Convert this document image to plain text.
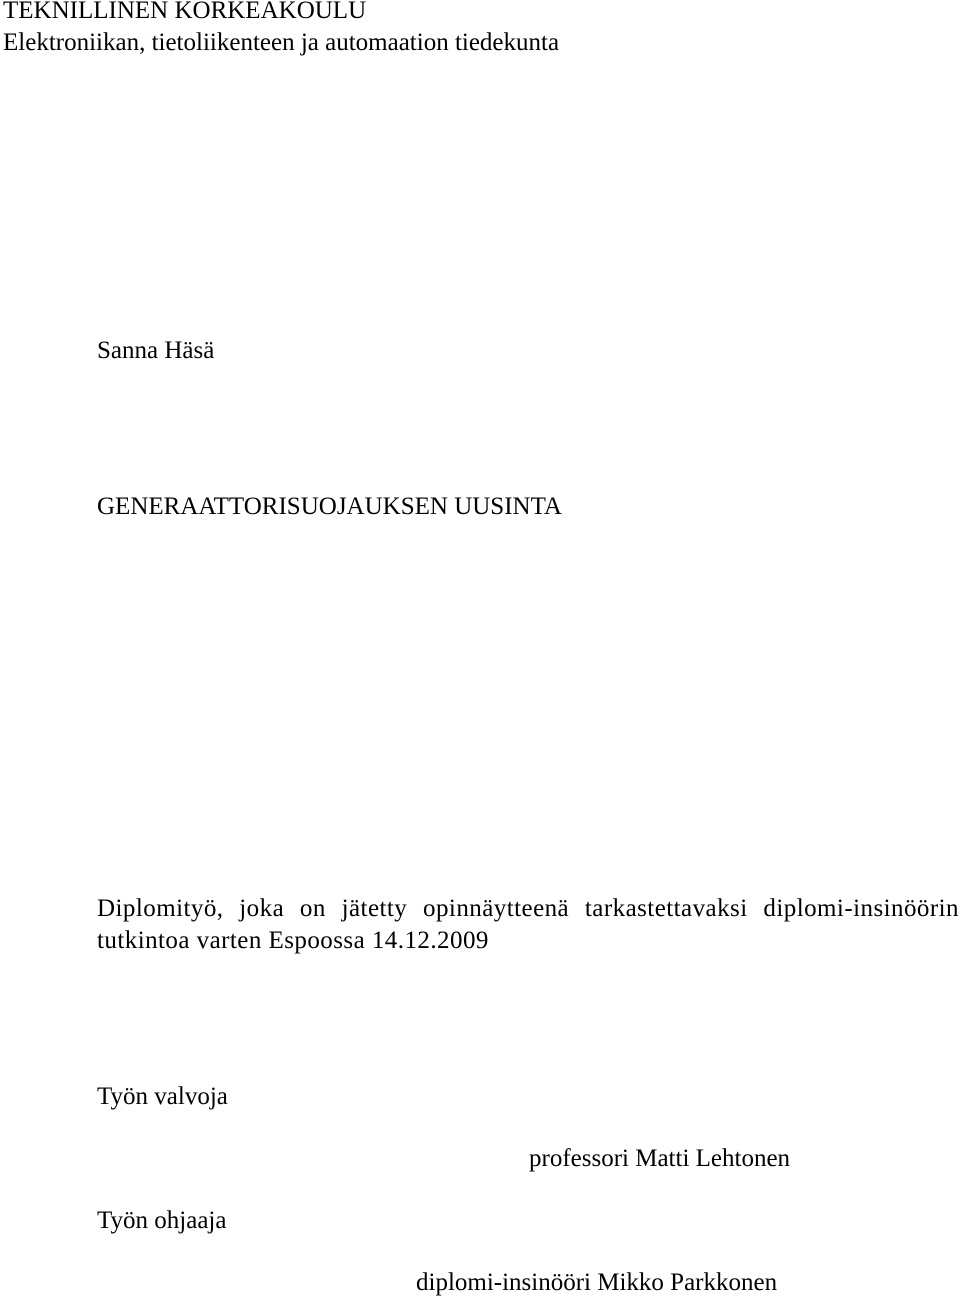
TEKNILLINEN KORKEAKOULU
Elektroniikan, tietoliikenteen ja automaation tiedekunta
Sanna Häsä
GENERAATTORISUOJAUKSEN UUSINTA
Diplomityö, joka on jätetty opinnäytteenä tarkastettavaksi diplomi-insinöörin
tutkintoa varten Espoossa 14.12.2009
Työn valvoja
professori Matti Lehtonen
Työn ohjaaja
diplomi-insinööri Mikko Parkkonen
